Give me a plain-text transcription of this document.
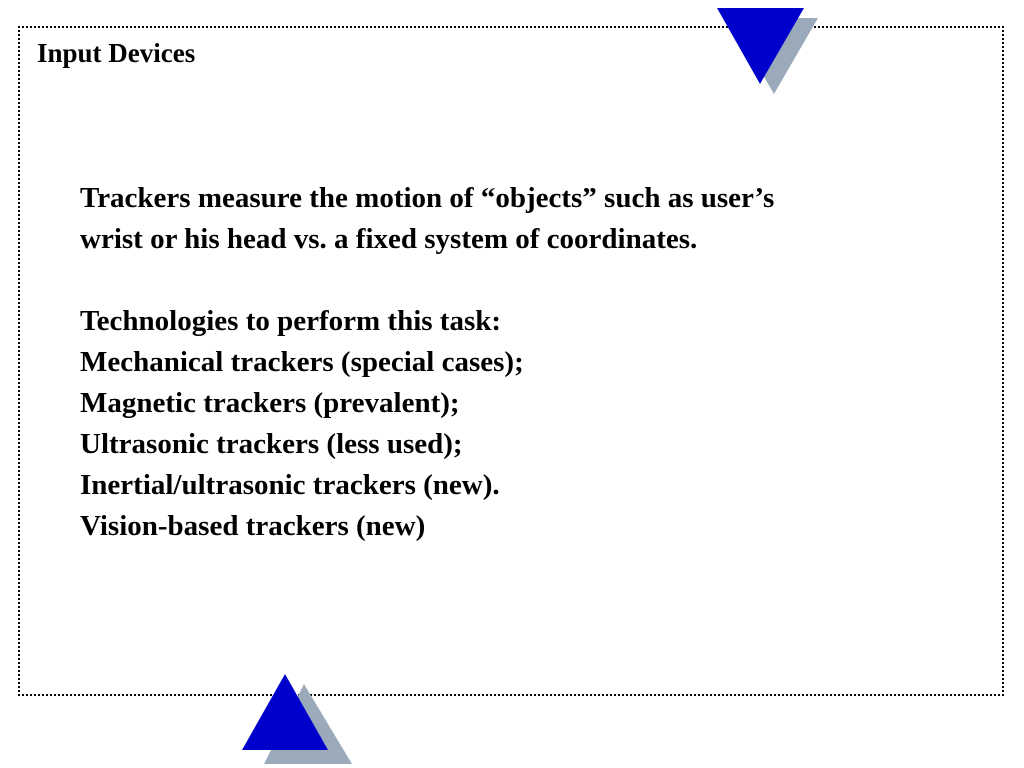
Input Devices
Trackers measure the motion of “objects” such as user’s
wrist or his head vs. a fixed system of coordinates.
Technologies to perform this task:
Mechanical trackers (special cases);
Magnetic trackers (prevalent);
Ultrasonic trackers (less used);
Inertial/ultrasonic trackers (new).
Vision-based trackers (new)
